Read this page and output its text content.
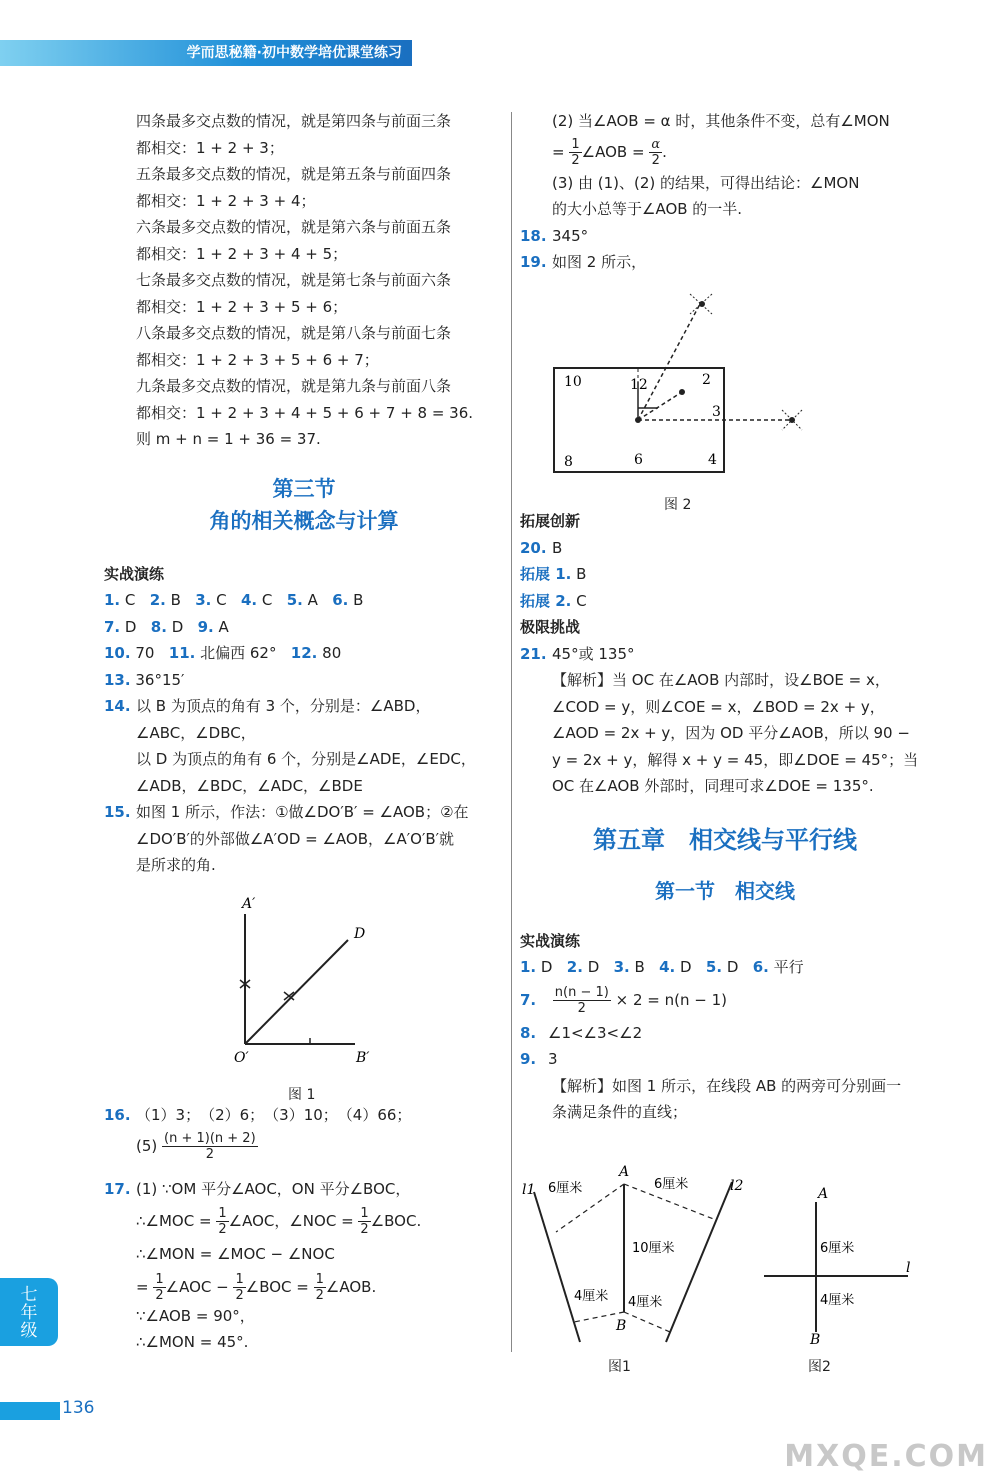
学而思秘籍·初中数学培优课堂练习
四条最多交点数的情况，就是第四条与前面三条
都相交：1 + 2 + 3；
五条最多交点数的情况，就是第五条与前面四条
都相交：1 + 2 + 3 + 4；
六条最多交点数的情况，就是第六条与前面五条
都相交：1 + 2 + 3 + 4 + 5；
七条最多交点数的情况，就是第七条与前面六条
都相交：1 + 2 + 3 + 5 + 6；
八条最多交点数的情况，就是第八条与前面七条
都相交：1 + 2 + 3 + 5 + 6 + 7；
九条最多交点数的情况，就是第九条与前面八条
都相交：1 + 2 + 3 + 4 + 5 + 6 + 7 + 8 = 36.
则 m + n = 1 + 36 = 37.
第三节
角的相关概念与计算
实战演练
1. C 2. B 3. C 4. C 5. A 6. B
7. D 8. D 9. A
10. 70 11. 北偏西 62° 12. 80
13. 36°15′
14. 以 B 为顶点的角有 3 个，分别是：∠ABD，
∠ABC，∠DBC，
以 D 为顶点的角有 6 个，分别是∠ADE，∠EDC，
∠ADB，∠BDC，∠ADC，∠BDE
15. 如图 1 所示，作法：①做∠DO′B′ = ∠AOB；②在
∠DO′B′的外部做∠A′OD = ∠AOB，∠A′O′B′就
是所求的角.
A′
D
O′	B′
图 1
16. （1）3；　（2）6；　（3）10；　（4）66；
$(5) \frac{(n + 1)(n + 2)}{2}$
17. (1) ∵OM 平分∠AOC，ON 平分∠BOC，
∴∠MOC = $\frac{1}{2}$ ∠AOC，∠NOC = $\frac{1}{2}$ ∠BOC.
∴∠MON = ∠MOC − ∠NOC
= $\frac{1}{2}$ ∠AOC − $\frac{1}{2}$ ∠BOC = $\frac{1}{2}$ ∠AOB.
∵∠AOB = 90°，
∴∠MON = 45°.
(2) 当∠AOB = α 时，其他条件不变，总有∠MON
= $\frac{1}{2}$ ∠AOB = $\frac{\alpha}{2}$ .
(3) 由 (1)、(2) 的结果，可得出结论：∠MON
的大小总等于∠AOB 的一半.
18. 345°
19. 如图 2 所示，
10	12	2
3
8	6	4
图 2
拓展创新
20. B
拓展 1. B
拓展 2. C
极限挑战
21. 45°或 135°
【解析】当 OC 在∠AOB 内部时，设∠BOE = x，
∠COD = y，则∠COE = x，∠BOD = 2x + y，
∠AOD = 2x + y，因为 OD 平分∠AOB，所以 90 −
y = 2x + y，解得 x + y = 45，即∠DOE = 45°；当
OC 在∠AOB 外部时，同理可求∠DOE = 135°.
第五章　相交线与平行线
第一节　相交线
实战演练
1. D 2. D 3. B 4. D 5. D 6. 平行
7. $\frac{n(n - 1)}{2} \times 2 = n(n - 1)$
8. ∠1<∠3<∠2
9. 3
【解析】如图 1 所示，在线段 AB 的两旁可分别画一
条满足条件的直线；
l1	l2
A
B
6厘米	6厘米
10厘米
4厘米 4厘米
图1
A
B
l
6厘米
4厘米
图2
七年级
136
MXQE.COM
